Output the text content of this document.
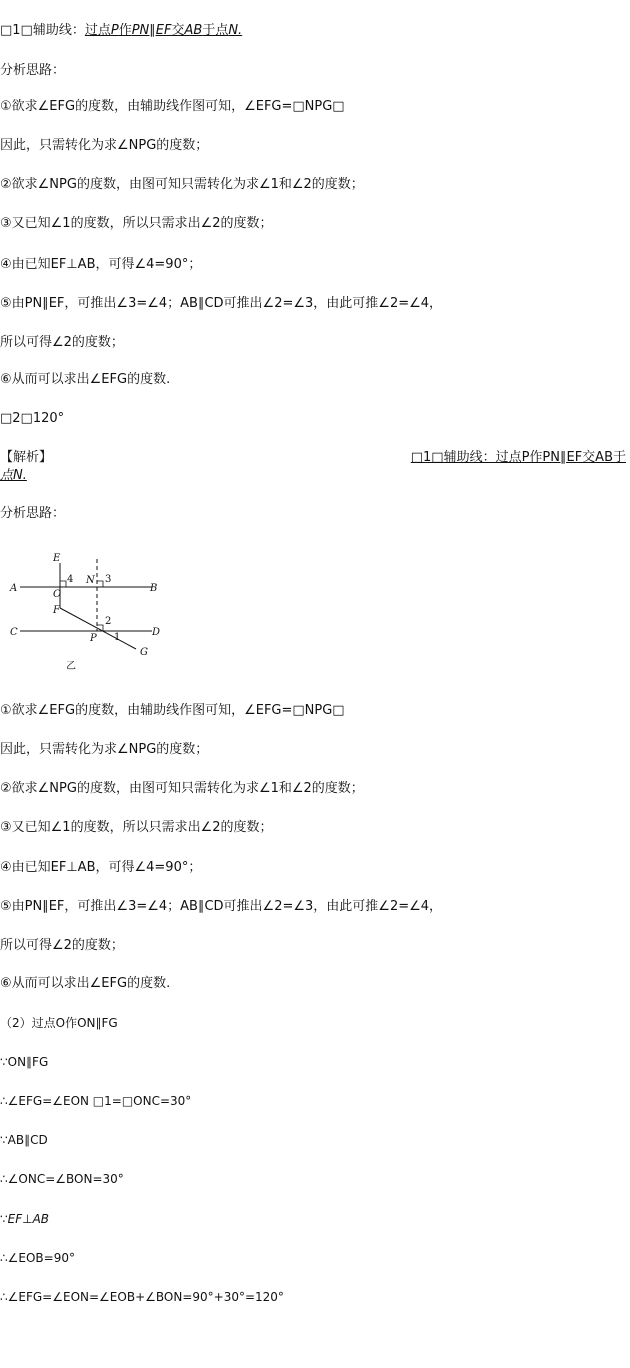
□1□辅助线：过点P作PN∥EF交AB于点N.
分析思路：
①欲求∠EFG的度数，由辅助线作图可知，∠EFG=□NPG□
因此，只需转化为求∠NPG的度数；
②欲求∠NPG的度数，由图可知只需转化为求∠1和∠2的度数；
③又已知∠1的度数，所以只需求出∠2的度数；
④由已知EF⊥AB，可得∠4=90°；
⑤由PN∥EF，可推出∠3=∠4；AB∥CD可推出∠2=∠3，由此可推∠2=∠4，
所以可得∠2的度数；
⑥从而可以求出∠EFG的度数.
□2□120°
【解析】	□1□辅助线：过点P作PN∥EF交AB于
点N.
分析思路：
E
A
O
N
B
F
C
P
D
G
4	3
2
1
乙
①欲求∠EFG的度数，由辅助线作图可知，∠EFG=□NPG□
因此，只需转化为求∠NPG的度数；
②欲求∠NPG的度数，由图可知只需转化为求∠1和∠2的度数；
③又已知∠1的度数，所以只需求出∠2的度数；
④由已知EF⊥AB，可得∠4=90°；
⑤由PN∥EF，可推出∠3=∠4；AB∥CD可推出∠2=∠3，由此可推∠2=∠4，
所以可得∠2的度数；
⑥从而可以求出∠EFG的度数.
（2）过点O作ON∥FG
∵ON∥FG
∴∠EFG=∠EON □1=□ONC=30°
∵AB∥CD
∴∠ONC=∠BON=30°
∵EF⊥AB
∴∠EOB=90°
∴∠EFG=∠EON=∠EOB+∠BON=90°+30°=120°
